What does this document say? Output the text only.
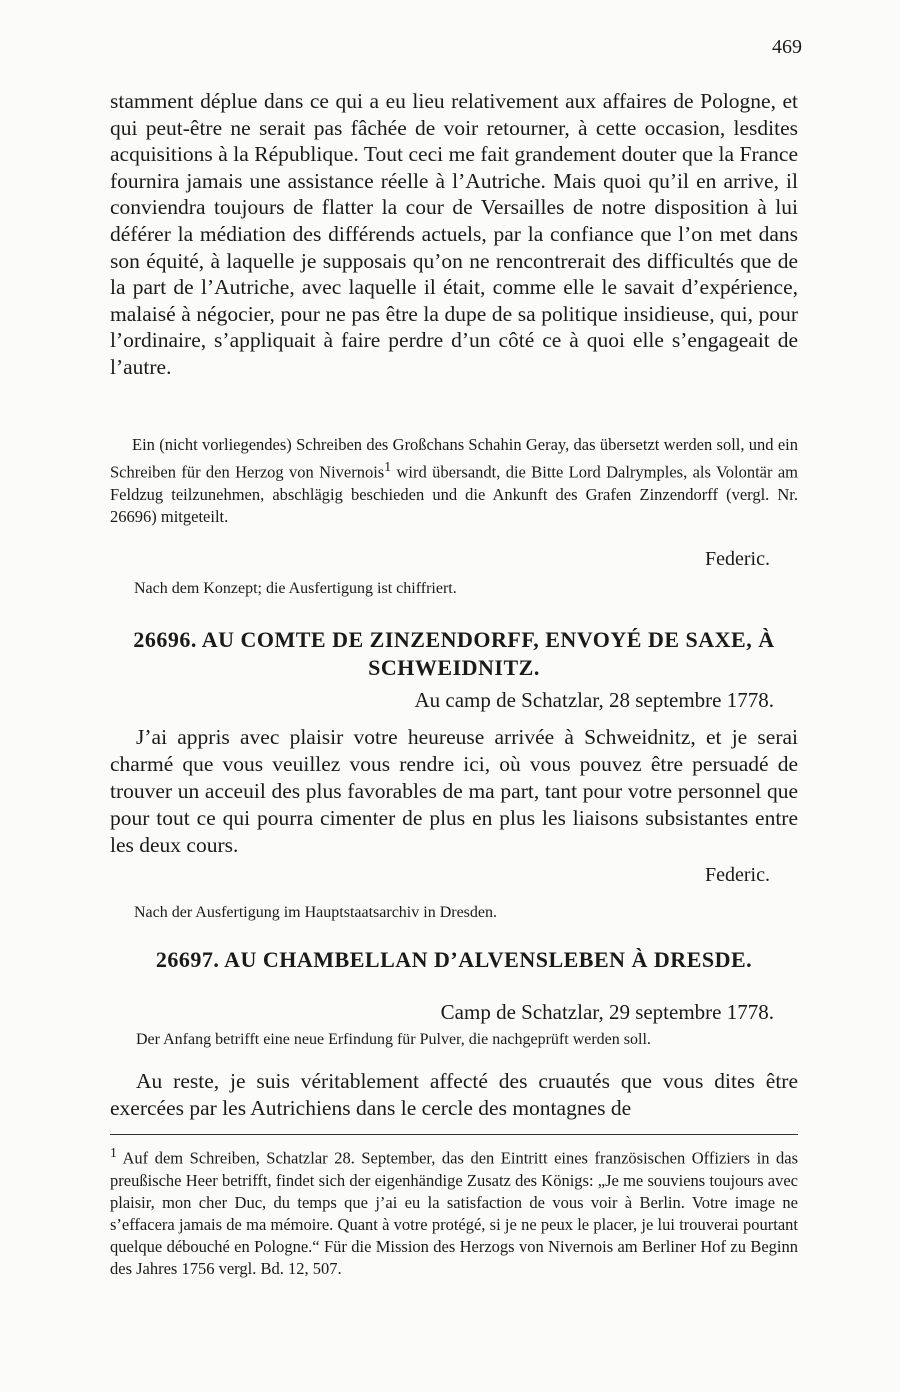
469

stamment déplue dans ce qui a eu lieu relativement aux affaires de Pologne, et qui peut-être ne serait pas fâchée de voir retourner, à cette occasion, lesdites acquisitions à la République. Tout ceci me fait grandement douter que la France fournira jamais une assistance réelle à l’Autriche. Mais quoi qu’il en arrive, il conviendra toujours de flatter la cour de Versailles de notre disposition à lui déférer la médiation des différends actuels, par la confiance que l’on met dans son équité, à laquelle je supposais qu’on ne rencontrerait des difficultés que de la part de l’Autriche, avec laquelle il était, comme elle le savait d’expérience, malaisé à négocier, pour ne pas être la dupe de sa politique insidieuse, qui, pour l’ordinaire, s’appliquait à faire perdre d’un côté ce à quoi elle s’engageait de l’autre.

Ein (nicht vorliegendes) Schreiben des Großchans Schahin Geray, das übersetzt werden soll, und ein Schreiben für den Herzog von Nivernois$^1$ wird übersandt, die Bitte Lord Dalrymples, als Volontär am Feldzug teilzunehmen, abschlägig beschieden und die Ankunft des Grafen Zinzendorff (vergl. Nr. 26696) mitgeteilt.

Federic.
Nach dem Konzept; die Ausfertigung ist chiffriert.
26696. AU COMTE DE ZINZENDORFF, ENVOYÉ DE SAXE, À SCHWEIDNITZ.
Au camp de Schatzlar, 28 septembre 1778.

J’ai appris avec plaisir votre heureuse arrivée à Schweidnitz, et je serai charmé que vous veuillez vous rendre ici, où vous pouvez être persuadé de trouver un acceuil des plus favorables de ma part, tant pour votre personnel que pour tout ce qui pourra cimenter de plus en plus les liaisons subsistantes entre les deux cours.

Federic.
Nach der Ausfertigung im Hauptstaatsarchiv in Dresden.
26697. AU CHAMBELLAN D’ALVENSLEBEN À DRESDE.
Camp de Schatzlar, 29 septembre 1778.

Der Anfang betrifft eine neue Erfindung für Pulver, die nachgeprüft werden soll.

Au reste, je suis véritablement affecté des cruautés que vous dites être exercées par les Autrichiens dans le cercle des montagnes de

$^1$ Auf dem Schreiben, Schatzlar 28. September, das den Eintritt eines französischen Offiziers in das preußische Heer betrifft, findet sich der eigenhändige Zusatz des Königs: „Je me souviens toujours avec plaisir, mon cher Duc, du temps que j’ai eu la satisfaction de vous voir à Berlin. Votre image ne s’effacera jamais de ma mémoire. Quant à votre protégé, si je ne peux le placer, je lui trouverai pourtant quelque débouché en Pologne.“ Für die Mission des Herzogs von Nivernois am Berliner Hof zu Beginn des Jahres 1756 vergl. Bd. 12, 507.
